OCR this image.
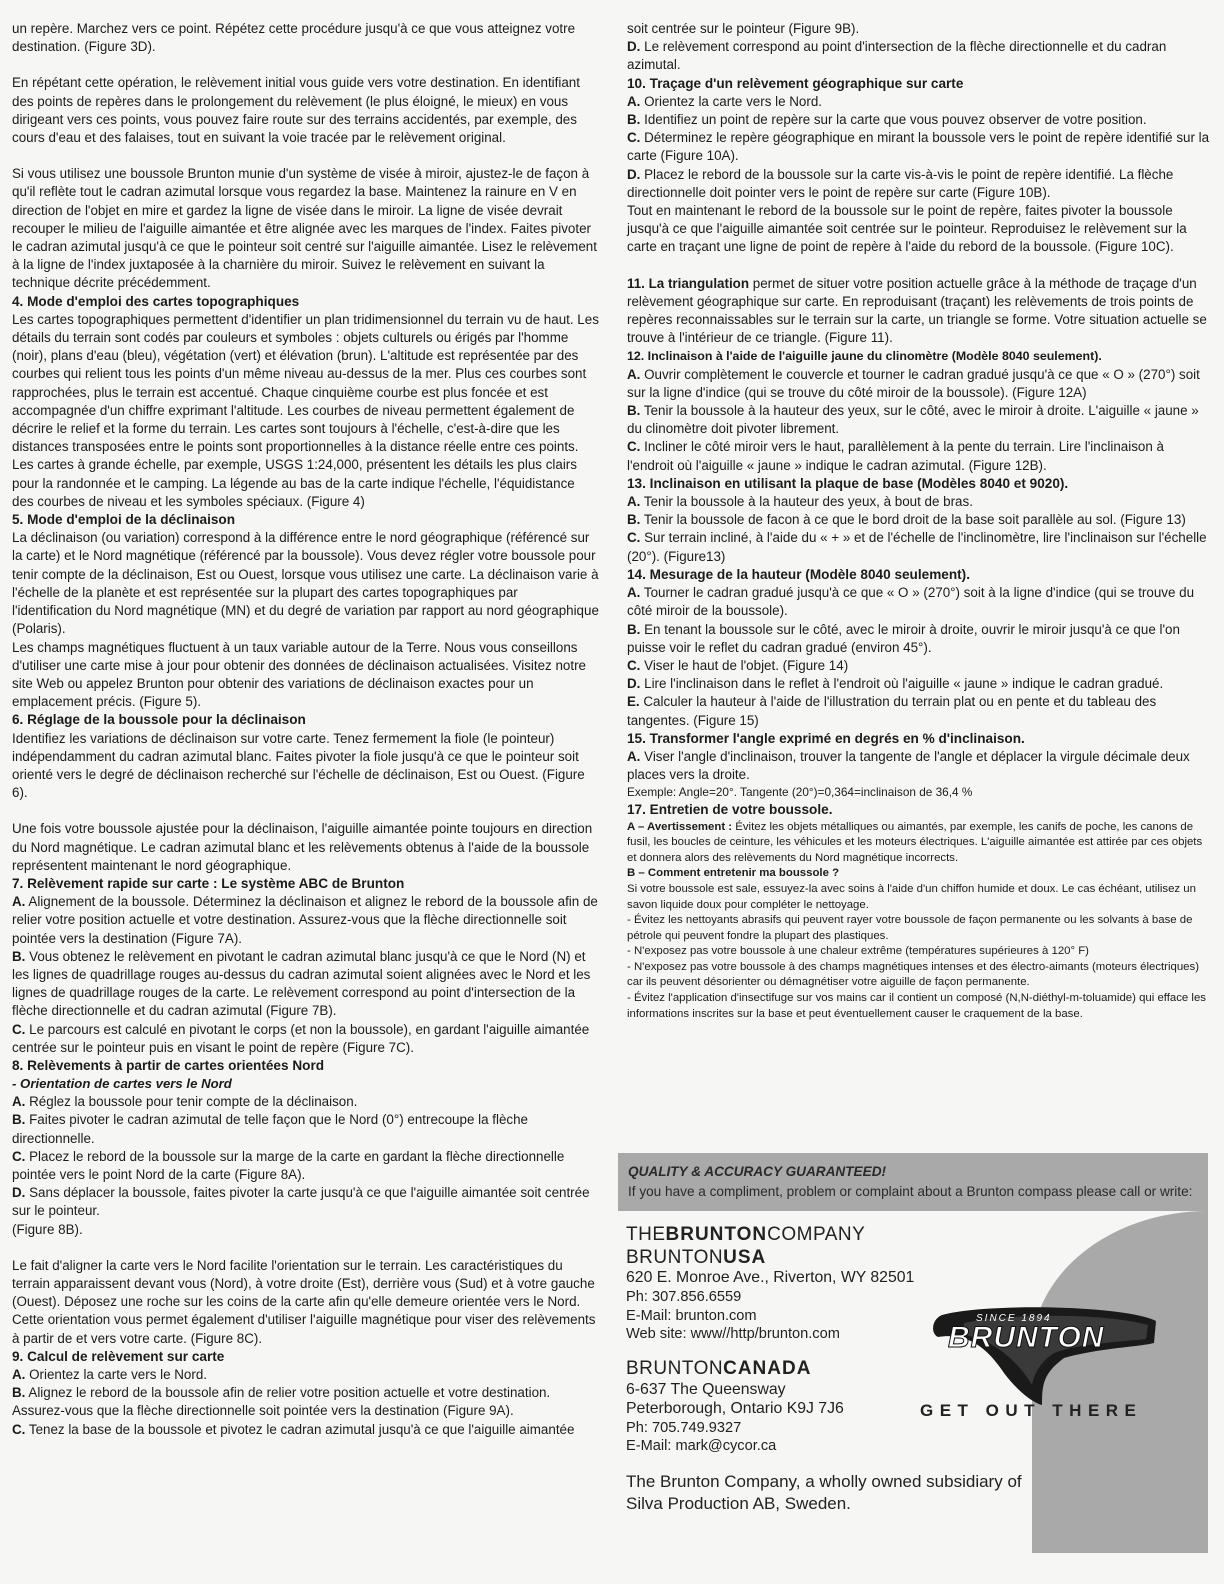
un repère. Marchez vers ce point. Répétez cette procédure jusqu'à ce que vous atteignez votre destination. (Figure 3D).

En répétant cette opération, le relèvement initial vous guide vers votre destination. En identifiant des points de repères dans le prolongement du relèvement (le plus éloigné, le mieux) en vous dirigeant vers ces points, vous pouvez faire route sur des terrains accidentés, par exemple, des cours d'eau et des falaises, tout en suivant la voie tracée par le relèvement original.

Si vous utilisez une boussole Brunton munie d'un système de visée à miroir, ajustez-le de façon à qu'il reflète tout le cadran azimutal lorsque vous regardez la base. Maintenez la rainure en V en direction de l'objet en mire et gardez la ligne de visée dans le miroir. La ligne de visée devrait recouper le milieu de l'aiguille aimantée et être alignée avec les marques de l'index. Faites pivoter le cadran azimutal jusqu'à ce que le pointeur soit centré sur l'aiguille aimantée. Lisez le relèvement à la ligne de l'index juxtaposée à la charnière du miroir. Suivez le relèvement en suivant la technique décrite précédemment.

4. Mode d'emploi des cartes topographiques

Les cartes topographiques permettent d'identifier un plan tridimensionnel du terrain vu de haut. Les détails du terrain sont codés par couleurs et symboles : objets culturels ou érigés par l'homme (noir), plans d'eau (bleu), végétation (vert) et élévation (brun). L'altitude est représentée par des courbes qui relient tous les points d'un même niveau au-dessus de la mer. Plus ces courbes sont rapprochées, plus le terrain est accentué. Chaque cinquième courbe est plus foncée et est accompagnée d'un chiffre exprimant l'altitude. Les courbes de niveau permettent également de décrire le relief et la forme du terrain. Les cartes sont toujours à l'échelle, c'est-à-dire que les distances transposées entre le points sont proportionnelles à la distance réelle entre ces points. Les cartes à grande échelle, par exemple, USGS 1:24,000, présentent les détails les plus clairs pour la randonnée et le camping. La légende au bas de la carte indique l'échelle, l'équidistance des courbes de niveau et les symboles spéciaux. (Figure 4)

5. Mode d'emploi de la déclinaison

La déclinaison (ou variation) correspond à la différence entre le nord géographique (référencé sur la carte) et le Nord magnétique (référencé par la boussole). Vous devez régler votre boussole pour tenir compte de la déclinaison, Est ou Ouest, lorsque vous utilisez une carte. La déclinaison varie à l'échelle de la planète et est représentée sur la plupart des cartes topographiques par l'identification du Nord magnétique (MN) et du degré de variation par rapport au nord géographique (Polaris).

Les champs magnétiques fluctuent à un taux variable autour de la Terre. Nous vous conseillons d'utiliser une carte mise à jour pour obtenir des données de déclinaison actualisées. Visitez notre site Web ou appelez Brunton pour obtenir des variations de déclinaison exactes pour un emplacement précis. (Figure 5).

6. Réglage de la boussole pour la déclinaison

Identifiez les variations de déclinaison sur votre carte. Tenez fermement la fiole (le pointeur) indépendamment du cadran azimutal blanc. Faites pivoter la fiole jusqu'à ce que le pointeur soit orienté vers le degré de déclinaison recherché sur l'échelle de déclinaison, Est ou Ouest. (Figure 6).

Une fois votre boussole ajustée pour la déclinaison, l'aiguille aimantée pointe toujours en direction du Nord magnétique. Le cadran azimutal blanc et les relèvements obtenus à l'aide de la boussole représentent maintenant le nord géographique.

7. Relèvement rapide sur carte : Le système ABC de Brunton

A. Alignement de la boussole. Déterminez la déclinaison et alignez le rebord de la boussole afin de relier votre position actuelle et votre destination. Assurez-vous que la flèche directionnelle soit pointée vers la destination (Figure 7A).

B. Vous obtenez le relèvement en pivotant le cadran azimutal blanc jusqu'à ce que le Nord (N) et les lignes de quadrillage rouges au-dessus du cadran azimutal soient alignées avec le Nord et les lignes de quadrillage rouges de la carte. Le relèvement correspond au point d'intersection de la flèche directionnelle et du cadran azimutal (Figure 7B).

C. Le parcours est calculé en pivotant le corps (et non la boussole), en gardant l'aiguille aimantée centrée sur le pointeur puis en visant le point de repère (Figure 7C).

8. Relèvements à partir de cartes orientées Nord

- Orientation de cartes vers le Nord

A. Réglez la boussole pour tenir compte de la déclinaison.

B. Faites pivoter le cadran azimutal de telle façon que le Nord (0°) entrecoupe la flèche directionnelle.

C. Placez le rebord de la boussole sur la marge de la carte en gardant la flèche directionnelle pointée vers le point Nord de la carte (Figure 8A).

D. Sans déplacer la boussole, faites pivoter la carte jusqu'à ce que l'aiguille aimantée soit centrée sur le pointeur.

(Figure 8B).

Le fait d'aligner la carte vers le Nord facilite l'orientation sur le terrain. Les caractéristiques du terrain apparaissent devant vous (Nord), à votre droite (Est), derrière vous (Sud) et à votre gauche (Ouest). Déposez une roche sur les coins de la carte afin qu'elle demeure orientée vers le Nord. Cette orientation vous permet également d'utiliser l'aiguille magnétique pour viser des relèvements à partir de et vers votre carte. (Figure 8C).

9. Calcul de relèvement sur carte

A. Orientez la carte vers le Nord.

B. Alignez le rebord de la boussole afin de relier votre position actuelle et votre destination. Assurez-vous que la flèche directionnelle soit pointée vers la destination (Figure 9A).

C. Tenez la base de la boussole et pivotez le cadran azimutal jusqu'à ce que l'aiguille aimantée

soit centrée sur le pointeur (Figure 9B).

D. Le relèvement correspond au point d'intersection de la flèche directionnelle et du cadran azimutal.

10. Traçage d'un relèvement géographique sur carte

A. Orientez la carte vers le Nord.

B. Identifiez un point de repère sur la carte que vous pouvez observer de votre position.

C. Déterminez le repère géographique en mirant la boussole vers le point de repère identifié sur la carte (Figure 10A).

D. Placez le rebord de la boussole sur la carte vis-à-vis le point de repère identifié. La flèche directionnelle doit pointer vers le point de repère sur carte (Figure 10B).

Tout en maintenant le rebord de la boussole sur le point de repère, faites pivoter la boussole jusqu'à ce que l'aiguille aimantée soit centrée sur le pointeur. Reproduisez le relèvement sur la carte en traçant une ligne de point de repère à l'aide du rebord de la boussole. (Figure 10C).

11. La triangulation permet de situer votre position actuelle grâce à la méthode de traçage d'un relèvement géographique sur carte. En reproduisant (traçant) les relèvements de trois points de repères reconnaissables sur le terrain sur la carte, un triangle se forme. Votre situation actuelle se trouve à l'intérieur de ce triangle. (Figure 11).

12. Inclinaison à l'aide de l'aiguille jaune du clinomètre (Modèle 8040 seulement).

A. Ouvrir complètement le couvercle et tourner le cadran gradué jusqu'à ce que « O » (270°) soit sur la ligne d'indice (qui se trouve du côté miroir de la boussole). (Figure 12A)

B. Tenir la boussole à la hauteur des yeux, sur le côté, avec le miroir à droite. L'aiguille « jaune » du clinomètre doit pivoter librement.

C. Incliner le côté miroir vers le haut, parallèlement à la pente du terrain. Lire l'inclinaison à l'endroit où l'aiguille « jaune » indique le cadran azimutal. (Figure 12B).

13. Inclinaison en utilisant la plaque de base (Modèles 8040 et 9020).

A. Tenir la boussole à la hauteur des yeux, à bout de bras.

B. Tenir la boussole de facon à ce que le bord droit de la base soit parallèle au sol. (Figure 13)

C. Sur terrain incliné, à l'aide du « + » et de l'échelle de l'inclinomètre, lire l'inclinaison sur l'échelle (20°). (Figure13)

14. Mesurage de la hauteur (Modèle 8040 seulement).

A. Tourner le cadran gradué jusqu'à ce que « O » (270°) soit à la ligne d'indice (qui se trouve du côté miroir de la boussole).

B. En tenant la boussole sur le côté, avec le miroir à droite, ouvrir le miroir jusqu'à ce que l'on puisse voir le reflet du cadran gradué (environ 45°).

C. Viser le haut de l'objet. (Figure 14)

D. Lire l'inclinaison dans le reflet à l'endroit où l'aiguille « jaune » indique le cadran gradué.

E. Calculer la hauteur à l'aide de l'illustration du terrain plat ou en pente et du tableau des tangentes. (Figure 15)

15. Transformer l'angle exprimé en degrés en % d'inclinaison.

A. Viser l'angle d'inclinaison, trouver la tangente de l'angle et déplacer la virgule décimale deux places vers la droite.

Exemple: Angle=20°. Tangente (20°)=0,364=inclinaison de 36,4 %

17. Entretien de votre boussole.

A – Avertissement : Évitez les objets métalliques ou aimantés, par exemple, les canifs de poche, les canons de fusil, les boucles de ceinture, les véhicules et les moteurs électriques. L'aiguille aimantée est attirée par ces objets et donnera alors des relèvements du Nord magnétique incorrects.

B – Comment entretenir ma boussole ?

Si votre boussole est sale, essuyez-la avec soins à l'aide d'un chiffon humide et doux. Le cas échéant, utilisez un savon liquide doux pour compléter le nettoyage.

- Évitez les nettoyants abrasifs qui peuvent rayer votre boussole de façon permanente ou les solvants à base de pétrole qui peuvent fondre la plupart des plastiques.

- N'exposez pas votre boussole à une chaleur extrême (températures supérieures à 120° F)

- N'exposez pas votre boussole à des champs magnétiques intenses et des électro-aimants (moteurs électriques) car ils peuvent désorienter ou démagnétiser votre aiguille de façon permanente.

- Évitez l'application d'insectifuge sur vos mains car il contient un composé (N,N-diéthyl-m-toluamide) qui efface les informations inscrites sur la base et peut éventuellement causer le craquement de la base.

QUALITY & ACCURACY GUARANTEED!

If you have a compliment, problem or complaint about a Brunton compass please call or write:

THEBRUNTONCOMPANY

BRUNTONUSA

620 E. Monroe Ave., Riverton, WY 82501
Ph: 307.856.6559
E-Mail: brunton.com
Web site: www//http/brunton.com

BRUNTONCANADA

6-637 The Queensway
Peterborough, Ontario K9J 7J6
Ph: 705.749.9327
E-Mail: mark@cycor.ca

SINCE 1894
BRUNTON

GET OUT THERE

The Brunton Company, a wholly owned subsidiary of
Silva Production AB, Sweden.
